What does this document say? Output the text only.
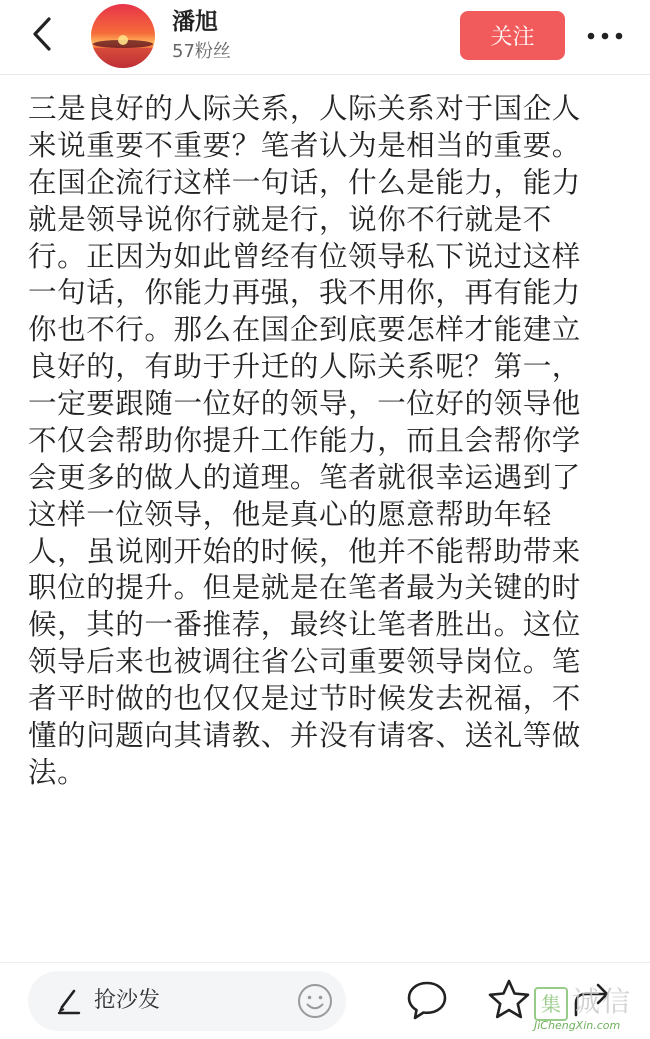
潘旭
57粉丝
关注
三是良好的人际关系，人际关系对于国企人
来说重要不重要？笔者认为是相当的重要。
在国企流行这样一句话，什么是能力，能力
就是领导说你行就是行，说你不行就是不
行。正因为如此曾经有位领导私下说过这样
一句话，你能力再强，我不用你，再有能力
你也不行。那么在国企到底要怎样才能建立
良好的，有助于升迁的人际关系呢？第一，
一定要跟随一位好的领导，一位好的领导他
不仅会帮助你提升工作能力，而且会帮你学
会更多的做人的道理。笔者就很幸运遇到了
这样一位领导，他是真心的愿意帮助年轻
人，虽说刚开始的时候，他并不能帮助带来
职位的提升。但是就是在笔者最为关键的时
候，其的一番推荐，最终让笔者胜出。这位
领导后来也被调往省公司重要领导岗位。笔
者平时做的也仅仅是过节时候发去祝福，不
懂的问题向其请教、并没有请客、送礼等做
法。
抢沙发	集 诚信
JiChengXin.com
